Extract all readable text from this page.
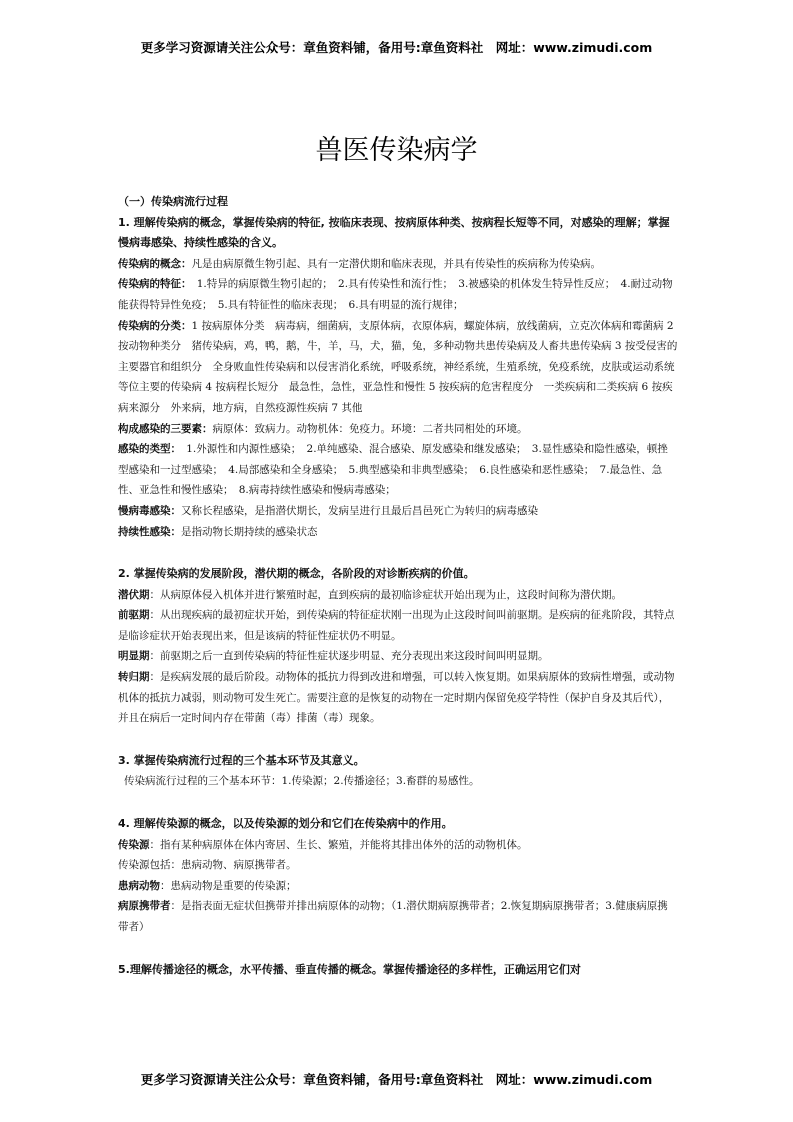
更多学习资源请关注公众号：章鱼资料铺，备用号:章鱼资料社　网址：www.zimudi.com
兽医传染病学

（一）传染病流行过程

1. 理解传染病的概念，掌握传染病的特征, 按临床表现、按病原体种类、按病程长短等不同，对感染的理解；掌握慢病毒感染、持续性感染的含义。

传染病的概念：凡是由病原微生物引起、具有一定潜伏期和临床表现，并具有传染性的疾病称为传染病。

传染病的特征：　1.特异的病原微生物引起的；　2.具有传染性和流行性；　3.被感染的机体发生特异性反应；　4.耐过动物能获得特异性免疫；　5.具有特征性的临床表现；　6.具有明显的流行规律；

传染病的分类：1 按病原体分类　病毒病，细菌病，支原体病，衣原体病，螺旋体病，放线菌病，立克次体病和霉菌病 2 按动物种类分　猪传染病，鸡，鸭，鹅，牛，羊，马，犬，猫，兔，多种动物共患传染病及人畜共患传染病 3 按受侵害的主要器官和组织分　全身败血性传染病和以侵害消化系统，呼吸系统，神经系统，生殖系统，免疫系统，皮肤或运动系统等位主要的传染病 4 按病程长短分　最急性，急性，亚急性和慢性 5 按疾病的危害程度分　一类疾病和二类疾病 6 按疾病来源分　外来病，地方病，自然疫源性疾病 7 其他

构成感染的三要素：病原体：致病力。动物机体：免疫力。环境：二者共同相处的环境。

感染的类型：　1.外源性和内源性感染；　2.单纯感染、混合感染、原发感染和继发感染；　3.显性感染和隐性感染，顿挫型感染和一过型感染；　4.局部感染和全身感染；　5.典型感染和非典型感染；　6.良性感染和恶性感染；　7.最急性、急性、亚急性和慢性感染；　8.病毒持续性感染和慢病毒感染；

慢病毒感染：又称长程感染，是指潜伏期长，发病呈进行且最后昌邑死亡为转归的病毒感染

持续性感染：是指动物长期持续的感染状态

2. 掌握传染病的发展阶段，潜伏期的概念，各阶段的对诊断疾病的价值。

潜伏期：从病原体侵入机体并进行繁殖时起，直到疾病的最初临诊症状开始出现为止，这段时间称为潜伏期。

前驱期：从出现疾病的最初症状开始，到传染病的特征症状刚一出现为止这段时间叫前驱期。是疾病的征兆阶段，其特点是临诊症状开始表现出来，但是该病的特征性症状仍不明显。

明显期：前驱期之后一直到传染病的特征性症状逐步明显、充分表现出来这段时间叫明显期。

转归期：是疾病发展的最后阶段。动物体的抵抗力得到改进和增强，可以转入恢复期。如果病原体的致病性增强，或动物机体的抵抗力减弱，则动物可发生死亡。需要注意的是恢复的动物在一定时期内保留免疫学特性（保护自身及其后代），并且在病后一定时间内存在带菌（毒）排菌（毒）现象。

3. 掌握传染病流行过程的三个基本环节及其意义。

传染病流行过程的三个基本环节：1.传染源；2.传播途径；3.畜群的易感性。

4. 理解传染源的概念，以及传染源的划分和它们在传染病中的作用。

传染源：指有某种病原体在体内寄居、生长、繁殖，并能将其排出体外的活的动物机体。

传染源包括：患病动物、病原携带者。

患病动物：患病动物是重要的传染源；

病原携带者：是指表面无症状但携带并排出病原体的动物；（1.潜伏期病原携带者；2.恢复期病原携带者；3.健康病原携带者）

5.理解传播途径的概念，水平传播、垂直传播的概念。掌握传播途径的多样性，正确运用它们对

更多学习资源请关注公众号：章鱼资料铺，备用号:章鱼资料社　网址：www.zimudi.com
